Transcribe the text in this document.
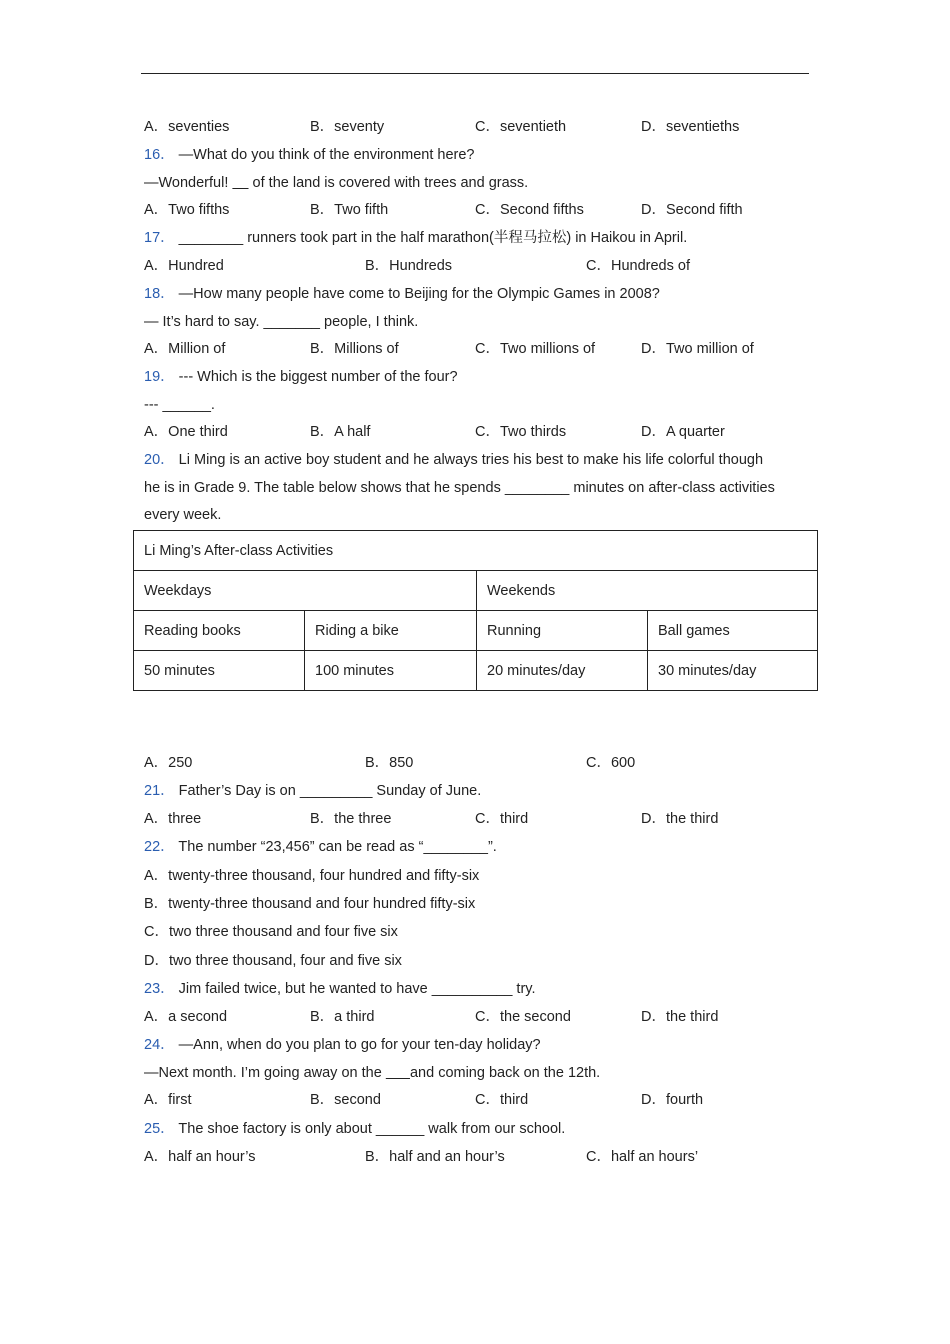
A．seventies	B．seventy	C．seventieth	D．seventieths
16． —What do you think of the environment here?
—Wonderful!      of the land is covered with trees and grass.
A．Two fifths	B．Two fifth	C．Second fifths	D．Second fifth
17． ________ runners took part in the half marathon(半程马拉松) in Haikou in April.
A．Hundred	B．Hundreds	C．Hundreds of
18． —How many people have come to Beijing for the Olympic Games in 2008?
— It’s hard to say. _______ people, I think.
A．Million of	B．Millions of	C．Two millions of	D．Two million of
19． --- Which is the biggest number of the four?
--- ______.
A．One third	B．A half	C．Two thirds	D．A quarter
20． Li Ming is an active boy student and he always tries his best to make his life colorful though
he is in Grade 9. The table below shows that he spends ________ minutes on after-class activities
every week.
Li Ming’s After-class Activities			
Weekdays		Weekends	
Reading books	Riding a bike	Running	Ball games
50 minutes	100 minutes	20 minutes/day	30 minutes/day
A．250	B．850	C．600
21． Father’s Day is on _________ Sunday of June.
A．three	B．the three	C．third	D．the third
22． The number “23,456” can be read as “________”.
A．twenty-three thousand, four hundred and fifty-six
B．twenty-three thousand and four hundred fifty-six
C．two three thousand and four five six
D．two three thousand, four and five six
23． Jim failed twice, but he wanted to have __________ try.
A．a second	B．a third	C．the second	D．the third
24． —Ann, when do you plan to go for your ten-day holiday?
—Next month. I’m going away on the       and coming back on the 12th.
A．first	B．second	C．third	D．fourth
25． The shoe factory is only about ______ walk from our school.
A．half an hour’s	B．half and an hour’s	C．half an hours’
